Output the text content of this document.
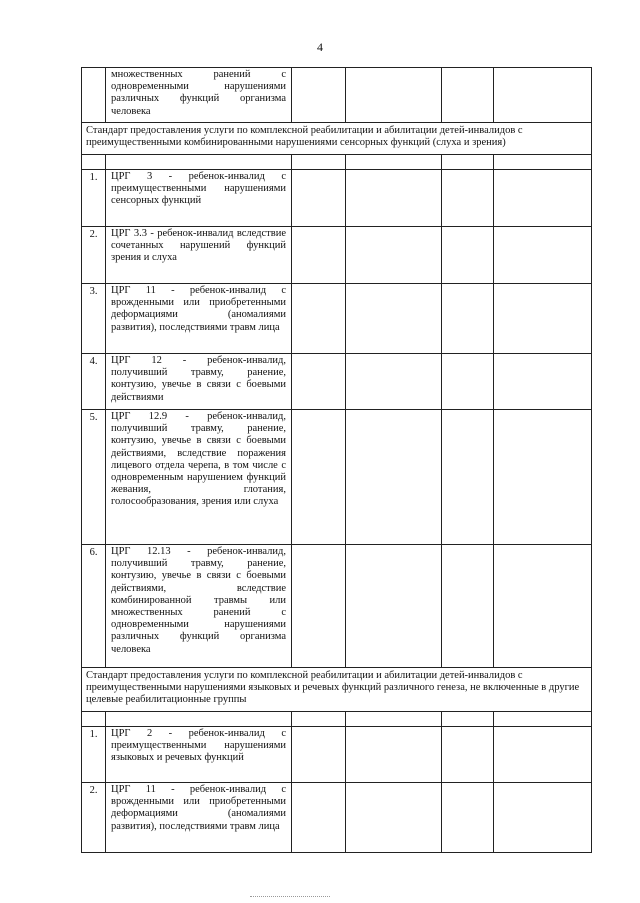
4
	множественных ранений с одновременными нарушениями различных функций организма человека				
Стандарт предоставления услуги по комплексной реабилитации и абилитации детей-инвалидов с преимущественными комбинированными нарушениями сенсорных функций (слуха и зрения)					

1.	ЦРГ 3 - ребенок-инвалид с преимущественными нарушениями сенсорных функций				
2.	ЦРГ 3.3 - ребенок-инвалид вследствие сочетанных нарушений функций зрения и слуха				
3.	ЦРГ 11 - ребенок-инвалид с врожденными или приобретенными деформациями (аномалиями развития), последствиями травм лица				
4.	ЦРГ 12 - ребенок-инвалид, получивший травму, ранение, контузию, увечье в связи с боевыми действиями				
5.	ЦРГ 12.9 - ребенок-инвалид, получивший травму, ранение, контузию, увечье в связи с боевыми действиями, вследствие поражения лицевого отдела черепа, в том числе с одновременным нарушением функций жевания, глотания, голосообразования, зрения или слуха				
6.	ЦРГ 12.13 - ребенок-инвалид, получивший травму, ранение, контузию, увечье в связи с боевыми действиями, вследствие комбинированной травмы или множественных ранений с одновременными нарушениями различных функций организма человека				
Стандарт предоставления услуги по комплексной реабилитации и абилитации детей-инвалидов с преимущественными нарушениями языковых и речевых функций различного генеза, не включенные в другие целевые реабилитационные группы					

1.	ЦРГ 2 - ребенок-инвалид с преимущественными нарушениями языковых и речевых функций				
2.	ЦРГ 11 - ребенок-инвалид с врожденными или приобретенными деформациями (аномалиями развития), последствиями травм лица				
